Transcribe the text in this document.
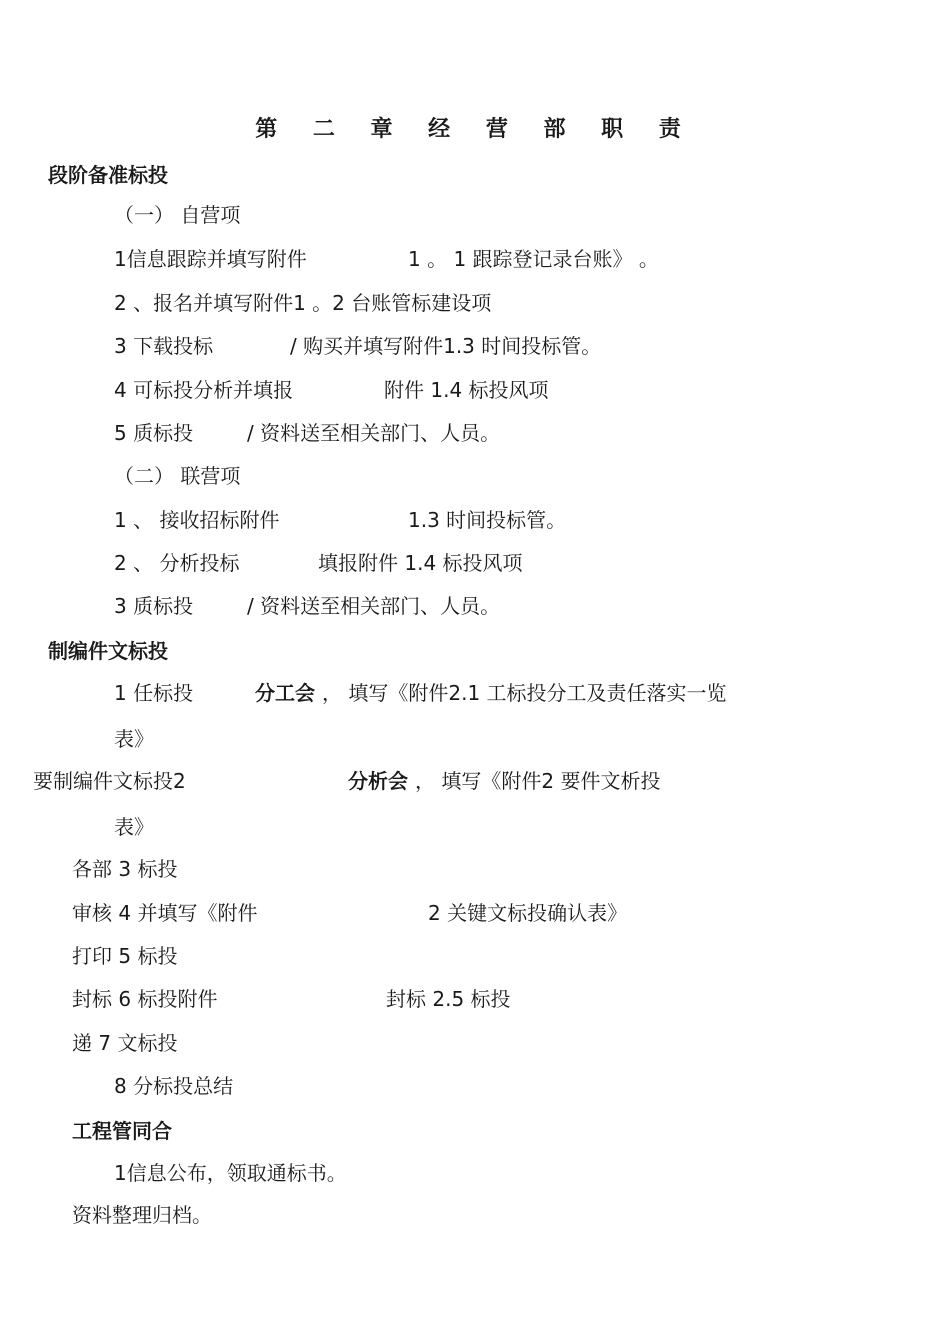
第 二 章 经 营 部 职 责
段阶备准标投
（一） 自营项
1信息跟踪并填写附件	1 。 1 跟踪登记录台账》 。
2 、报名并填写附件1 。2 台账管标建设项
3 下载投标	/ 购买并填写附件1.3 时间投标管。
4 可标投分析并填报	附件 1.4 标投风项
5 质标投	/ 资料送至相关部门、人员。
（二） 联营项
1 、 接收招标附件	1.3 时间投标管。
2 、 分析投标	填报附件 1.4 标投风项
3 质标投	/ 资料送至相关部门、人员。
制编件文标投
1 任标投	分工会 ， 填写《附件2.1 工标投分工及责任落实一览
表》
要制编件文标投2	分析会 ， 填写《附件2 要件文析投
表》
各部 3 标投
审核 4 并填写《附件	2 关键文标投确认表》
打印 5 标投
封标 6 标投附件	封标 2.5 标投
递 7 文标投
8 分标投总结
工程管同合
1信息公布，领取通标书。
资料整理归档。
